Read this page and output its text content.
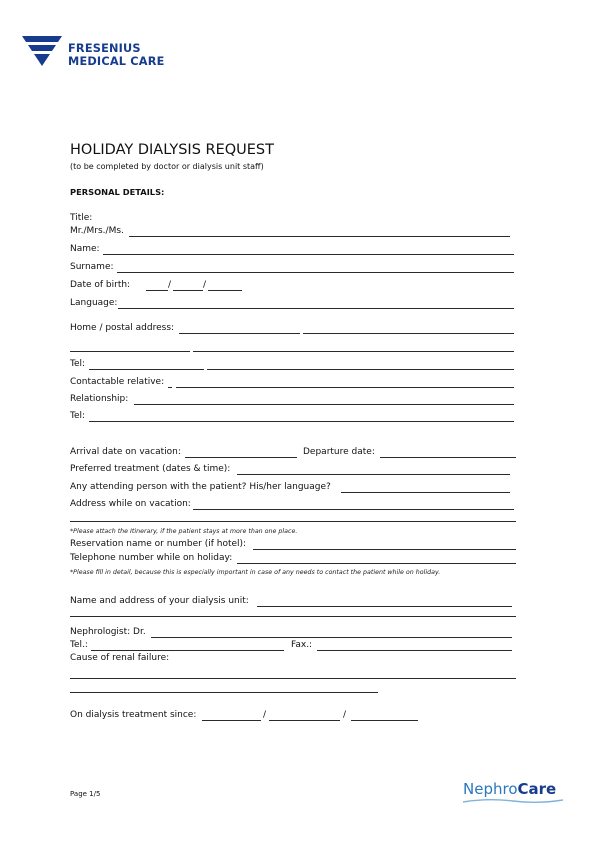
FRESENIUS
MEDICAL CARE
HOLIDAY DIALYSIS REQUEST
(to be completed by doctor or dialysis unit staff)
PERSONAL DETAILS:
Title:
Mr./Mrs./Ms.
Name:
Surname:
Date of birth:	/	/
Language:
Home / postal address:
Tel:
Contactable relative:
Relationship:
Tel:
Arrival date on vacation:	Departure date:
Preferred treatment (dates & time):
Any attending person with the patient? His/her language?
Address while on vacation:
*Please attach the Itinerary, if the patient stays at more than one place.
Reservation name or number (if hotel):
Telephone number while on holiday:
*Please fill in detail, because this is especially important in case of any needs to contact the patient while on holiday.
Name and address of your dialysis unit:
Nephrologist: Dr.
Tel.:	Fax.:
Cause of renal failure:
On dialysis treatment since:	/	/
Page 1/5	NephroCare
